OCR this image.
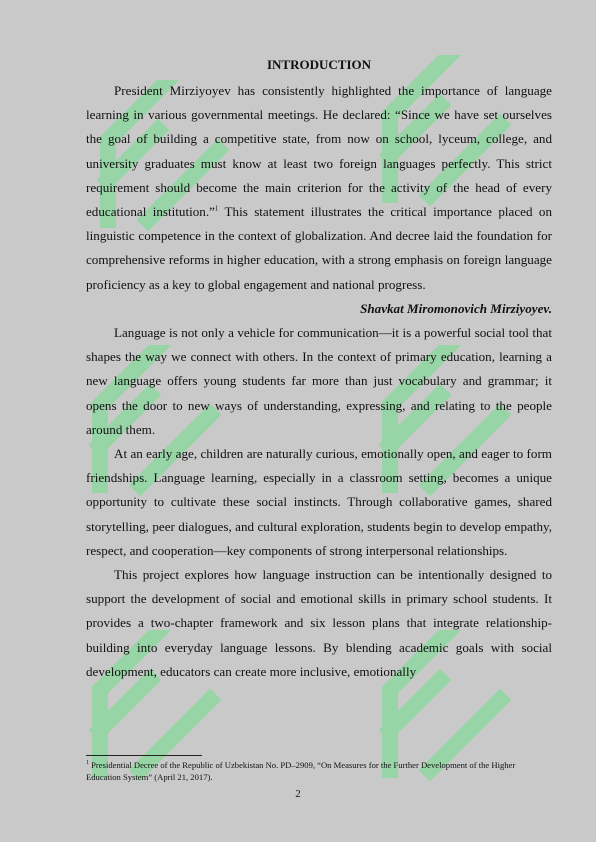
INTRODUCTION

President Mirziyoyev has consistently highlighted the importance of language learning in various governmental meetings. He declared: “Since we have set ourselves the goal of building a competitive state, from now on school, lyceum, college, and university graduates must know at least two foreign languages perfectly. This strict requirement should become the main criterion for the activity of the head of every educational institution.”$^1$ This statement illustrates the critical importance placed on linguistic competence in the context of globalization. And decree laid the foundation for comprehensive reforms in higher education, with a strong emphasis on foreign language proficiency as a key to global engagement and national progress.

Shavkat Miromonovich Mirziyoyev.

Language is not only a vehicle for communication—it is a powerful social tool that shapes the way we connect with others. In the context of primary education, learning a new language offers young students far more than just vocabulary and grammar; it opens the door to new ways of understanding, expressing, and relating to the people around them.

At an early age, children are naturally curious, emotionally open, and eager to form friendships. Language learning, especially in a classroom setting, becomes a unique opportunity to cultivate these social instincts. Through collaborative games, shared storytelling, peer dialogues, and cultural exploration, students begin to develop empathy, respect, and cooperation—key components of strong interpersonal relationships.

This project explores how language instruction can be intentionally designed to support the development of social and emotional skills in primary school students. It provides a two-chapter framework and six lesson plans that integrate relationship-building into everyday language lessons. By blending academic goals with social development, educators can create more inclusive, emotionally

$^1$ Presidential Decree of the Republic of Uzbekistan No. PD–2909, “On Measures for the Further Development of the Higher Education System” (April 21, 2017).
2
